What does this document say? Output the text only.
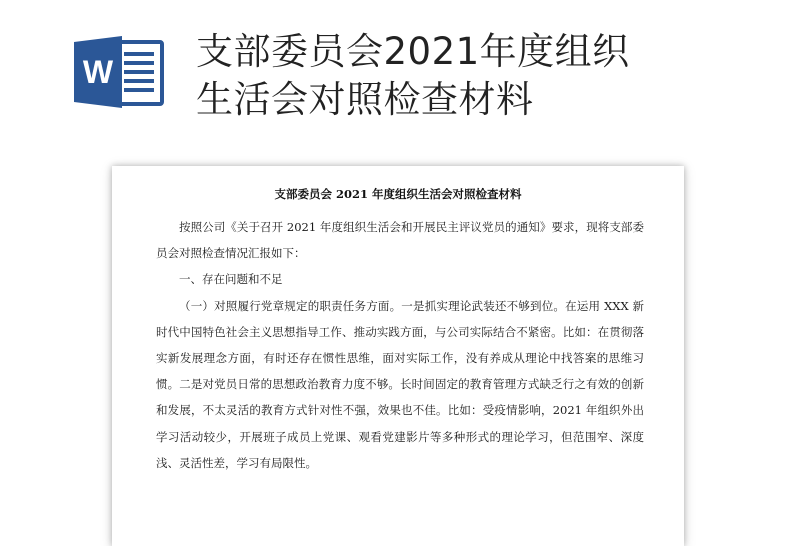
W 支部委员会2021年度组织生活会对照检查材料
支部委员会 2021 年度组织生活会对照检查材料

按照公司《关于召开 2021 年度组织生活会和开展民主评议党员的通知》要求，现将支部委员会对照检查情况汇报如下：

一、存在问题和不足

（一）对照履行党章规定的职责任务方面。一是抓实理论武装还不够到位。在运用 XXX 新时代中国特色社会主义思想指导工作、推动实践方面，与公司实际结合不紧密。比如：在贯彻落实新发展理念方面，有时还存在惯性思维，面对实际工作，没有养成从理论中找答案的思维习惯。二是对党员日常的思想政治教育力度不够。长时间固定的教育管理方式缺乏行之有效的创新和发展，不太灵活的教育方式针对性不强，效果也不佳。比如：受疫情影响，2021 年组织外出学习活动较少，开展班子成员上党课、观看党建影片等多种形式的理论学习，但范围窄、深度浅、灵活性差，学习有局限性。
